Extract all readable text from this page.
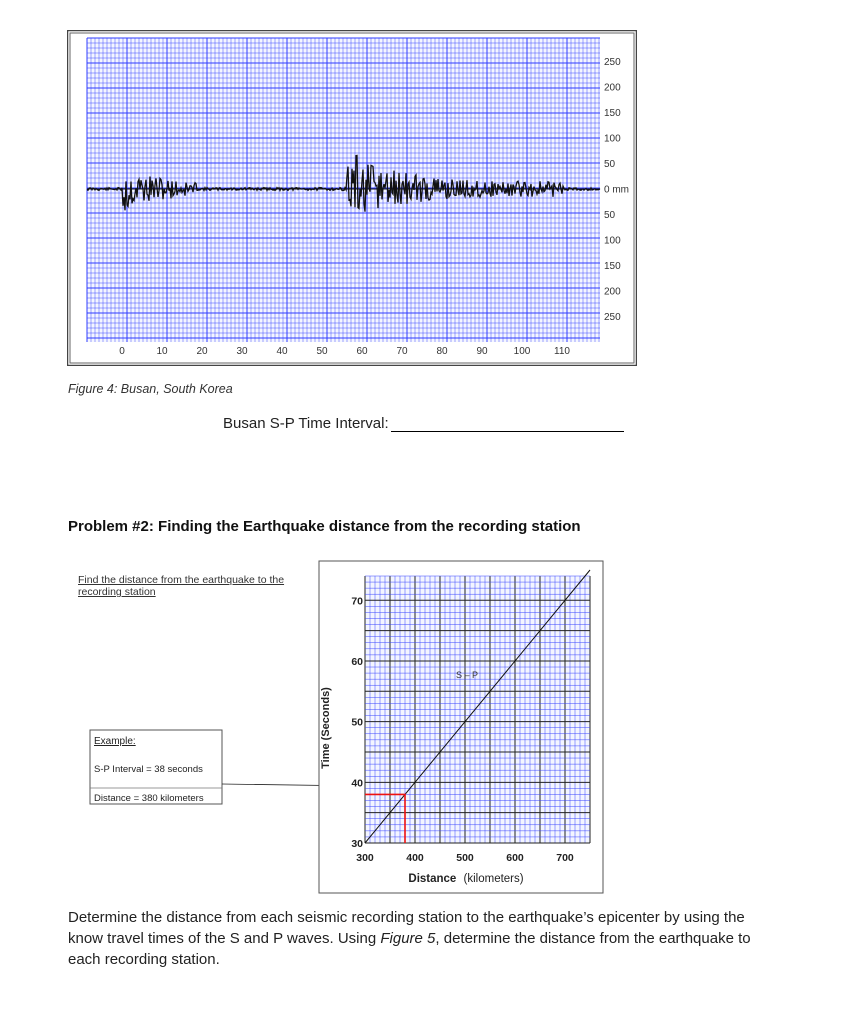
0	10	20	30	40	50	60	70	80	90	100 110
250
200
150
100
50
0 mm
50
100
150
200
250
Figure 4: Busan, South Korea
Busan S-P Time Interval:
Problem #2: Finding the Earthquake distance from the recording station
Find the distance from the earthquake to the recording station
Example:
S-P Interval = 38 seconds
Distance = 380 kilometers
S – P
300	400	500	600	700
30
40
50
60
70
Time (Seconds)
Distance (kilometers)
Determine the distance from each seismic recording station to the earthquake’s epicenter by using the know travel times of the S and P waves. Using Figure 5, determine the distance from the earthquake to each recording station.
